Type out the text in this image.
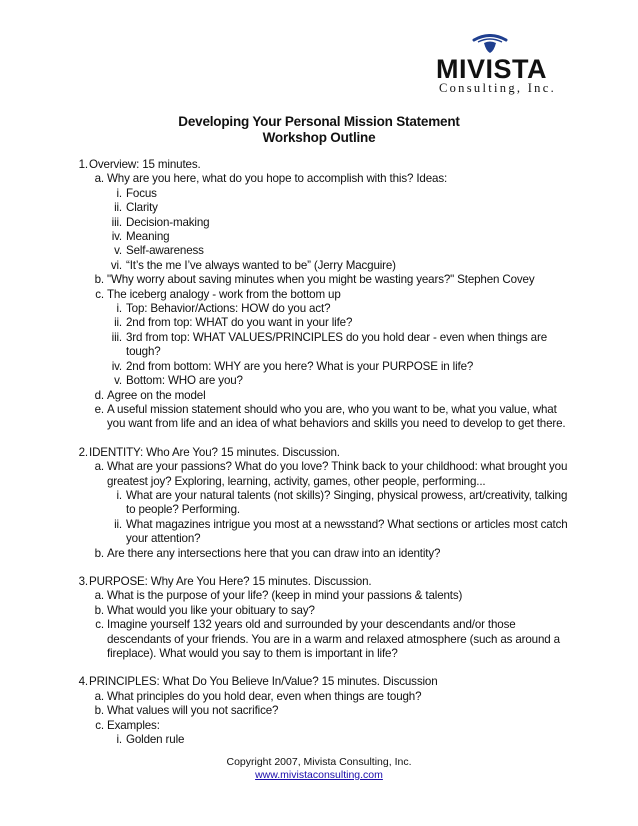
MIVISTA
Consulting, Inc.
Developing Your Personal Mission Statement
Workshop Outline
1. Overview: 15 minutes.
a. Why are you here, what do you hope to accomplish with this? Ideas:
i. Focus
ii. Clarity
iii. Decision-making
iv. Meaning
v. Self-awareness
vi. “It’s the me I’ve always wanted to be” (Jerry Macguire)
b. "Why worry about saving minutes when you might be wasting years?" Stephen Covey
c. The iceberg analogy - work from the bottom up
i. Top: Behavior/Actions: HOW do you act?
ii. 2nd from top: WHAT do you want in your life?
iii. 3rd from top: WHAT VALUES/PRINCIPLES do you hold dear - even when things are tough?
iv. 2nd from bottom: WHY are you here? What is your PURPOSE in life?
v. Bottom: WHO are you?
d. Agree on the model
e. A useful mission statement should who you are, who you want to be, what you value, what you want from life and an idea of what behaviors and skills you need to develop to get there.
2. IDENTITY: Who Are You? 15 minutes. Discussion.
a. What are your passions? What do you love? Think back to your childhood: what brought you greatest joy? Exploring, learning, activity, games, other people, performing...
i. What are your natural talents (not skills)? Singing, physical prowess, art/creativity, talking to people? Performing.
ii. What magazines intrigue you most at a newsstand? What sections or articles most catch your attention?
b. Are there any intersections here that you can draw into an identity?
3. PURPOSE: Why Are You Here? 15 minutes. Discussion.
a. What is the purpose of your life? (keep in mind your passions & talents)
b. What would you like your obituary to say?
c. Imagine yourself 132 years old and surrounded by your descendants and/or those descendants of your friends. You are in a warm and relaxed atmosphere (such as around a fireplace). What would you say to them is important in life?
4. PRINCIPLES: What Do You Believe In/Value? 15 minutes. Discussion
a. What principles do you hold dear, even when things are tough?
b. What values will you not sacrifice?
c. Examples:
i. Golden rule
Copyright 2007, Mivista Consulting, Inc.
www.mivistaconsulting.com
